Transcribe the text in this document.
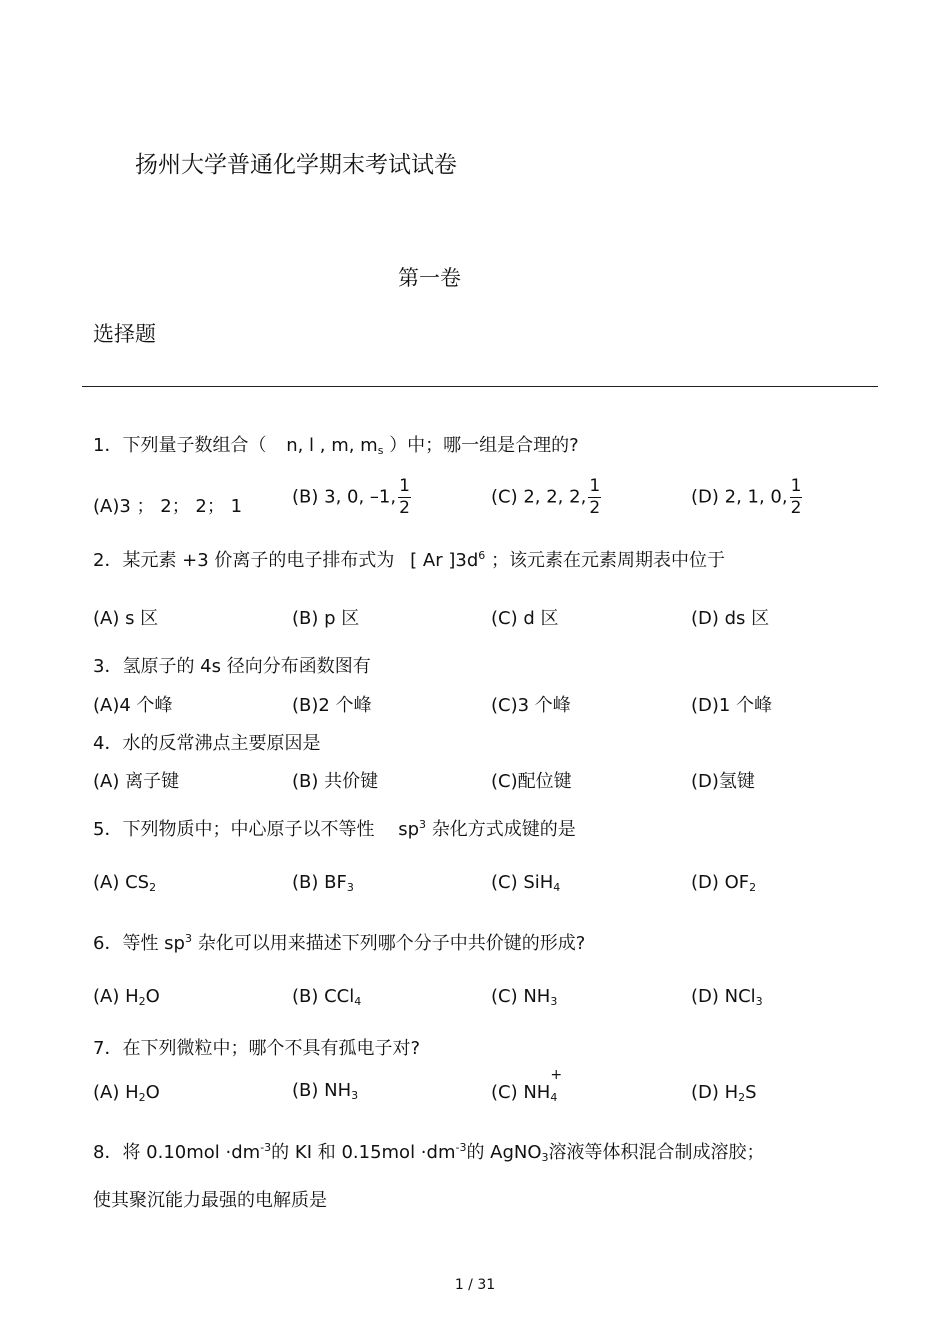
扬州大学普通化学期末考试试卷
第一卷
选择题
1．下列量子数组合（ n, l , m, $m_s$ ）中；哪一组是合理的?
(A)3 ； 2； 2； 1	(B) 3, 0, –1, $\frac{1}{2}$	(C) 2, 2, 2, $\frac{1}{2}$	(D) 2, 1, 0, $\frac{1}{2}$
2．某元素 +3 价离子的电子排布式为 [ Ar ]$3d^6$ ；该元素在元素周期表中位于
(A) s 区	(B) p 区	(C) d 区	(D) ds 区
3．氢原子的 4s 径向分布函数图有
(A)4 个峰	(B)2 个峰	(C)3 个峰	(D)1 个峰
4．水的反常沸点主要原因是
(A) 离子键	(B) 共价键	(C)配位键	(D)氢键
5．下列物质中；中心原子以不等性 $sp^3$ 杂化方式成键的是
(A) $CS_2$	(B) $BF_3$	(C) SiH$_4$	(D) $OF_2$
6．等性 $sp^3$ 杂化可以用来描述下列哪个分子中共价键的形成?
(A) $H_2O$	(B) CCl$_4$	(C) $NH_3$	(D) NCl$_3$
7．在下列微粒中；哪个不具有孤电子对?
(A) $H_2O$	(B) $NH_3$	(C) $NH_4$
+
(D) $H_2S$
8．将 $0.10mol \cdot dm^{-3}$的 KI 和 $0.15mol \cdot dm^{-3}$的 AgNO$_3$溶液等体积混合制成溶胶；
使其聚沉能力最强的电解质是
1 / 31
